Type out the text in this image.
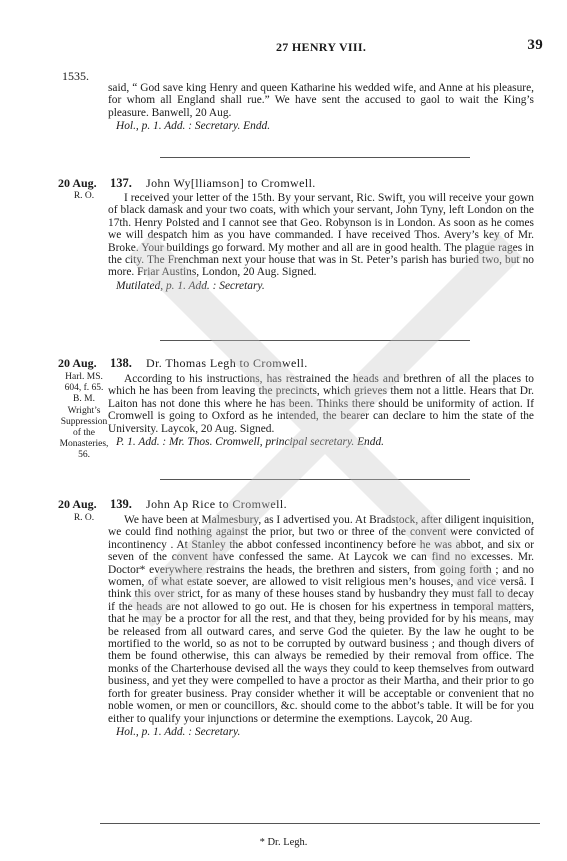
27 HENRY VIII.	39
1535.

said, “ God save king Henry and queen Katharine his wedded wife, and Anne at his pleasure, for whom all England shall rue.” We have sent the accused to gaol to wait the King’s pleasure. Banwell, 20 Aug.

Hol., p. 1. Add. : Secretary. Endd.

20 Aug. 137. John Wy[lliamson] to Cromwell.
R. O.	I received your letter of the 15th. By your servant, Ric. Swift, you will receive your gown of black damask and your two coats, with which your servant, John Tyny, left London on the 17th. Henry Polsted and I cannot see that Geo. Robynson is in London. As soon as he comes we will despatch him as you have commanded. I have received Thos. Avery’s key of Mr. Broke. Your buildings go forward. My mother and all are in good health. The plague rages in the city. The Frenchman next your house that was in St. Peter’s parish has buried two, but no more. Friar Austins, London, 20 Aug. Signed.

Mutilated, p. 1. Add. : Secretary.

20 Aug. 138. Dr. Thomas Legh to Cromwell.
Harl. MS.
604, f. 65.
B. M.
Wright’s
Suppression
of the
Monasteries,
56.

According to his instructions, has restrained the heads and brethren of all the places to which he has been from leaving the precincts, which grieves them not a little. Hears that Dr. Laiton has not done this where he has been. Thinks there should be uniformity of action. If Cromwell is going to Oxford as he intended, the bearer can declare to him the state of the University. Laycok, 20 Aug. Signed.

P. 1. Add. : Mr. Thos. Cromwell, principal secretary. Endd.

20 Aug. 139. John Ap Rice to Cromwell.
R. O.	We have been at Malmesbury, as I advertised you. At Bradstock, after diligent inquisition, we could find nothing against the prior, but two or three of the convent were convicted of incontinency . At Stanley the abbot confessed incontinency before he was abbot, and six or seven of the convent have confessed the same. At Laycok we can find no excesses. Mr. Doctor* everywhere restrains the heads, the brethren and sisters, from going forth ; and no women, of what estate soever, are allowed to visit religious men’s houses, and vice versâ. I think this over strict, for as many of these houses stand by husbandry they must fall to decay if the heads are not allowed to go out. He is chosen for his expertness in temporal matters, that he may be a proctor for all the rest, and that they, being provided for by his means, may be released from all outward cares, and serve God the quieter. By the law he ought to be mortified to the world, so as not to be corrupted by outward business ; and though divers of them be found otherwise, this can always be remedied by their removal from office. The monks of the Charterhouse devised all the ways they could to keep themselves from outward business, and yet they were compelled to have a proctor as their Martha, and their prior to go forth for greater business. Pray consider whether it will be acceptable or convenient that no noble women, or men or councillors, &c. should come to the abbot’s table. It will be for you either to qualify your injunctions or determine the exemptions. Laycok, 20 Aug.

Hol., p. 1. Add. : Secretary.

* Dr. Legh.
